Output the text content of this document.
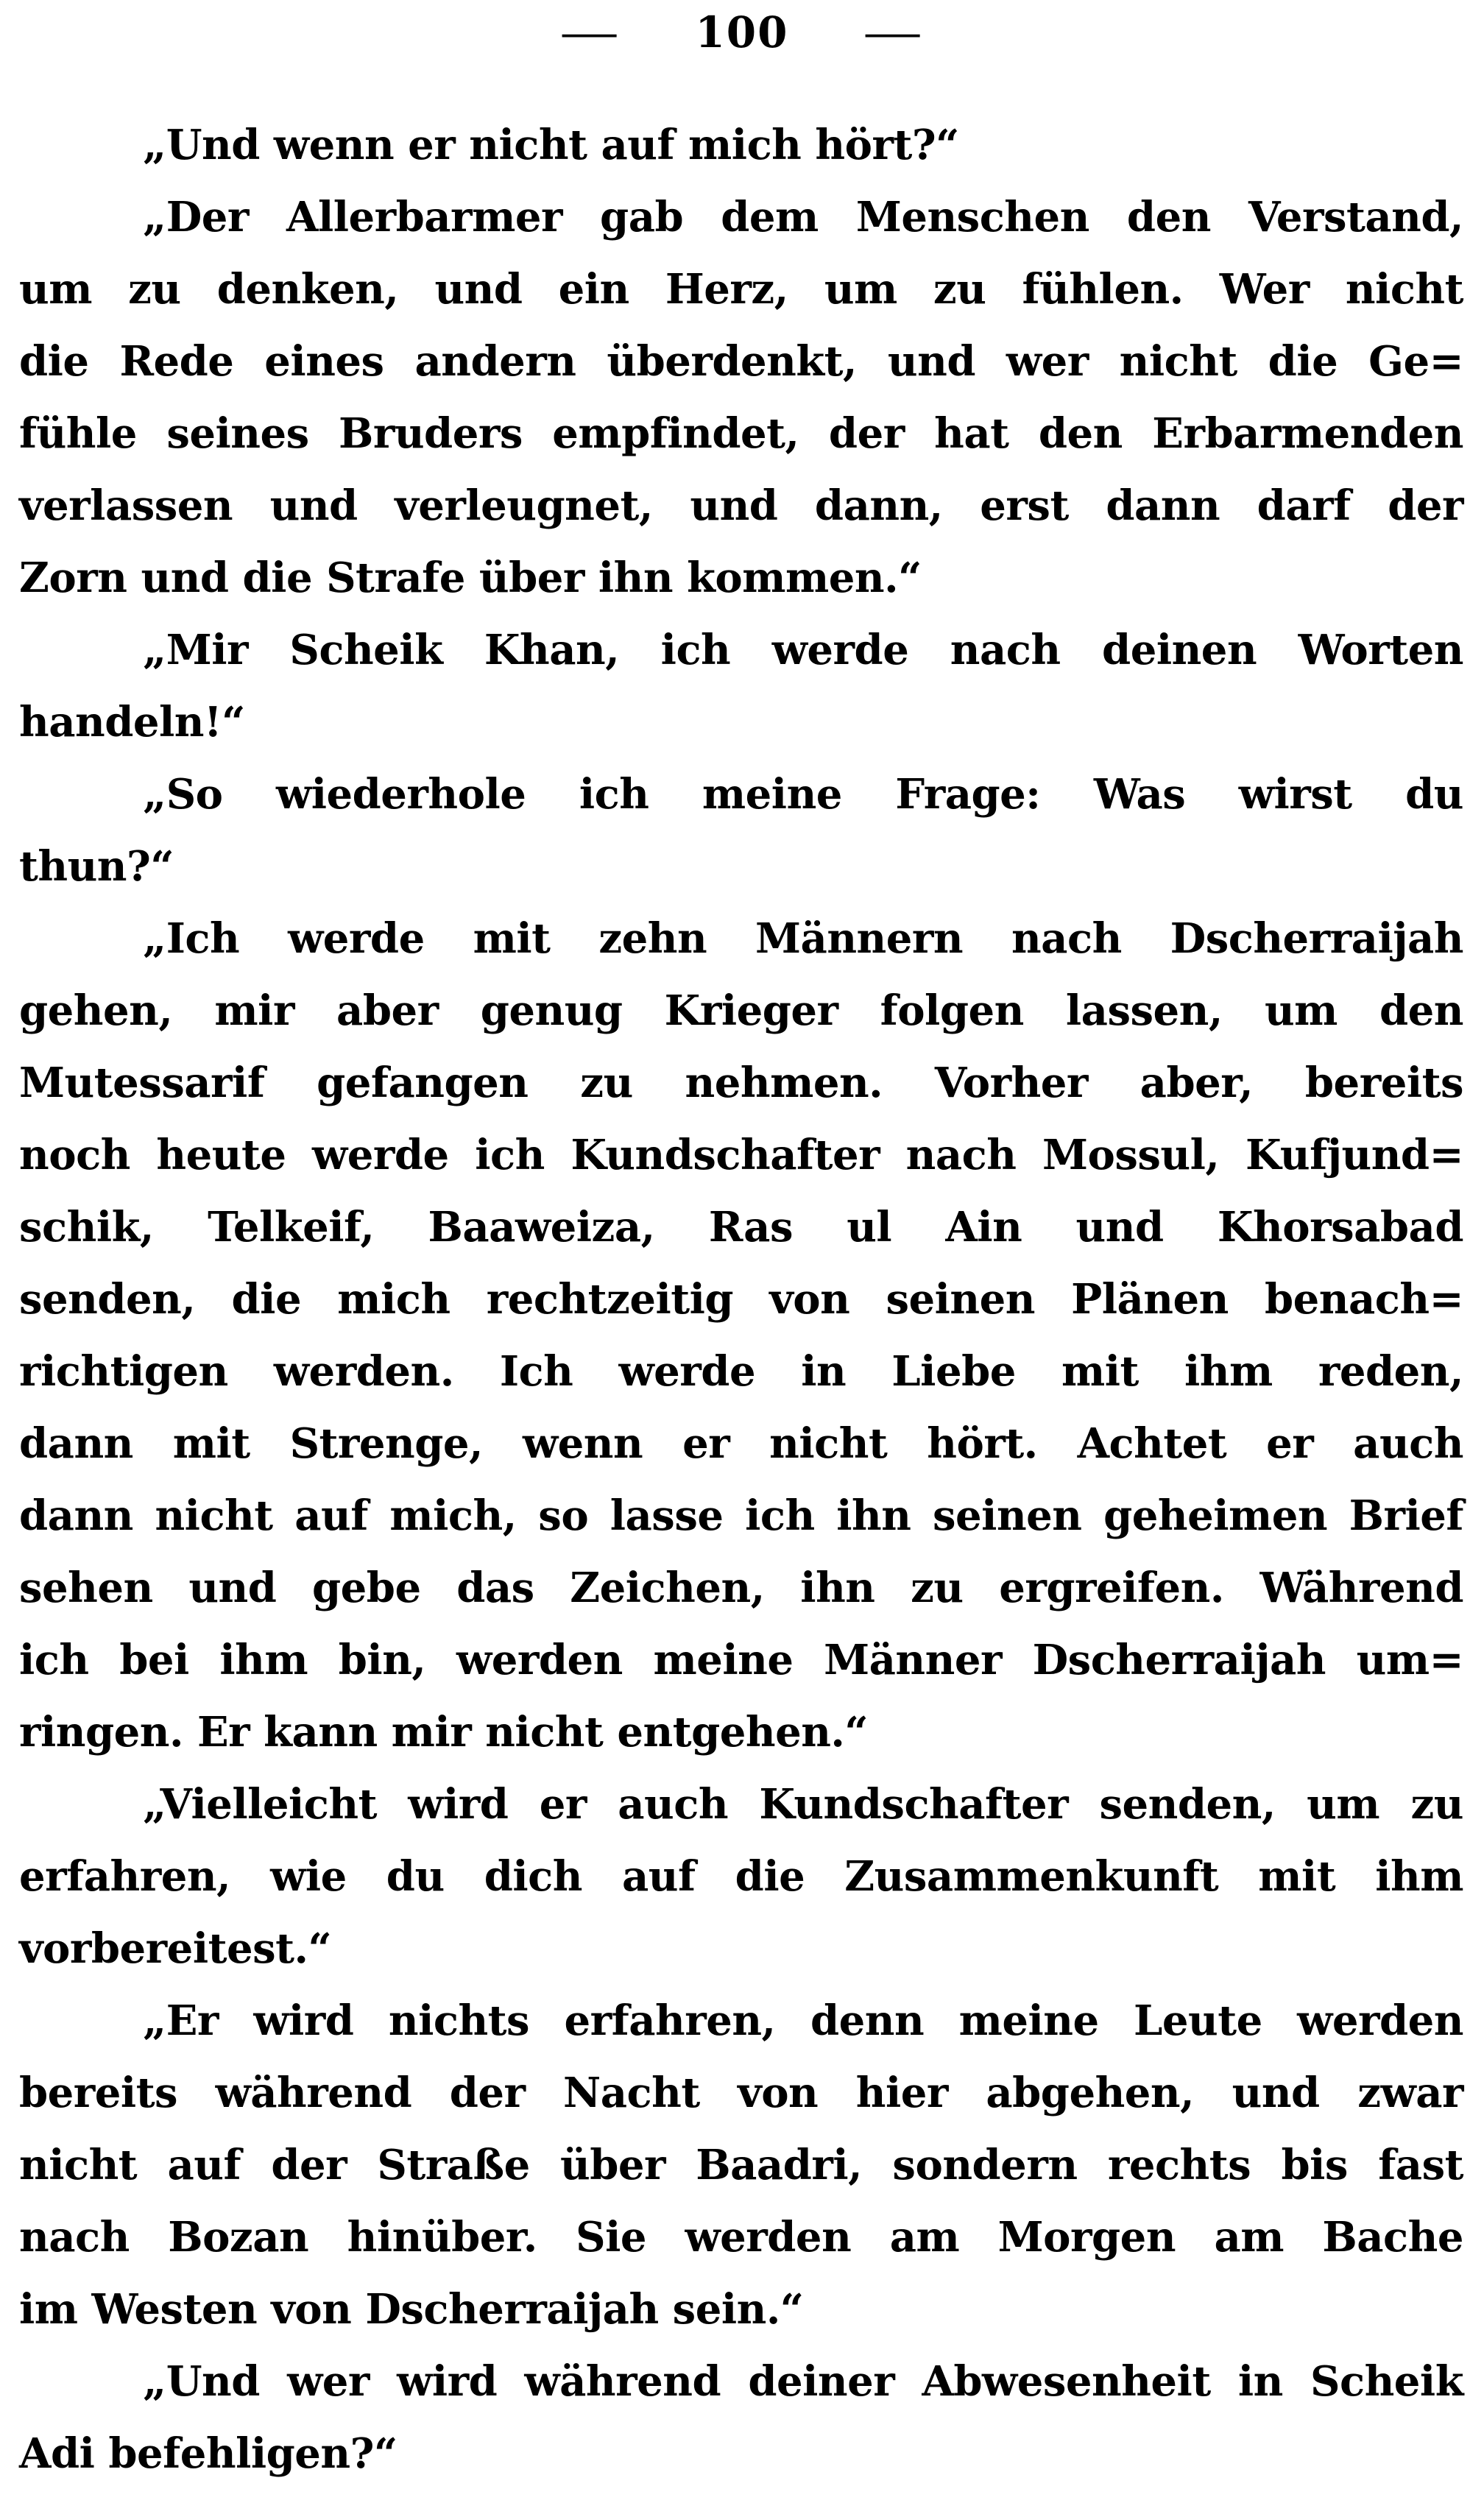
— 100 —
„Und wenn er nicht auf mich hört?“
„Der Allerbarmer gab dem Menschen den Verstand,
um zu denken, und ein Herz, um zu fühlen. Wer nicht
die Rede eines andern überdenkt, und wer nicht die Ge=
fühle seines Bruders empfindet, der hat den Erbarmenden
verlassen und verleugnet, und dann, erst dann darf der
Zorn und die Strafe über ihn kommen.“
„Mir Scheik Khan, ich werde nach deinen Worten
handeln!“
„So wiederhole ich meine Frage: Was wirst du
thun?“
„Ich werde mit zehn Männern nach Dscherraijah
gehen, mir aber genug Krieger folgen lassen, um den
Mutessarif gefangen zu nehmen. Vorher aber, bereits
noch heute werde ich Kundschafter nach Mossul, Kufjund=
schik, Telkeif, Baaweiza, Ras ul Ain und Khorsabad
senden, die mich rechtzeitig von seinen Plänen benach=
richtigen werden. Ich werde in Liebe mit ihm reden,
dann mit Strenge, wenn er nicht hört. Achtet er auch
dann nicht auf mich, so lasse ich ihn seinen geheimen Brief
sehen und gebe das Zeichen, ihn zu ergreifen. Während
ich bei ihm bin, werden meine Männer Dscherraijah um=
ringen. Er kann mir nicht entgehen.“
„Vielleicht wird er auch Kundschafter senden, um zu
erfahren, wie du dich auf die Zusammenkunft mit ihm
vorbereitest.“
„Er wird nichts erfahren, denn meine Leute werden
bereits während der Nacht von hier abgehen, und zwar
nicht auf der Straße über Baadri, sondern rechts bis fast
nach Bozan hinüber. Sie werden am Morgen am Bache
im Westen von Dscherraijah sein.“
„Und wer wird während deiner Abwesenheit in Scheik
Adi befehligen?“
